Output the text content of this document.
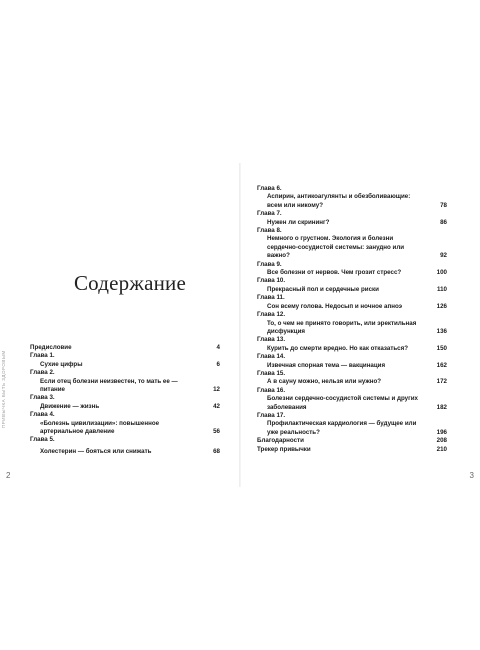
Содержание
Предисловие	4
Глава 1.
Сухие цифры	6
Глава 2.
Если отец болезни неизвестен, то мать ее — питание	12
Глава 3.
Движение — жизнь	42
Глава 4.
«Болезнь цивилизации»: повышенное артериальное давление	56
Глава 5.
Холестерин — бояться или снижать	68
ПРИВЫЧКА БЫТЬ ЗДОРОВЫМ
2
Глава 6.
Аспирин, антикоагулянты и обезболивающие: всем или никому?	78
Глава 7.
Нужен ли скрининг?	86
Глава 8.
Немного о грустном. Экология и болезни сердечно-сосудистой системы: занудно или важно?	92
Глава 9.
Все болезни от нервов. Чем грозит стресс?	100
Глава 10.
Прекрасный пол и сердечные риски	110
Глава 11.
Сон всему голова. Недосып и ночное апноэ	126
Глава 12.
То, о чем не принято говорить, или эректильная дисфункция	136
Глава 13.
Курить до смерти вредно. Но как отказаться?	150
Глава 14.
Извечная спорная тема — вакцинация	162
Глава 15.
А в сауну можно, нельзя или нужно?	172
Глава 16.
Болезни сердечно-сосудистой системы и других заболевания	182
Глава 17.
Профилактическая кардиология — будущее или уже реальность?	196
Благодарности	208
Трекер привычки	210
3
